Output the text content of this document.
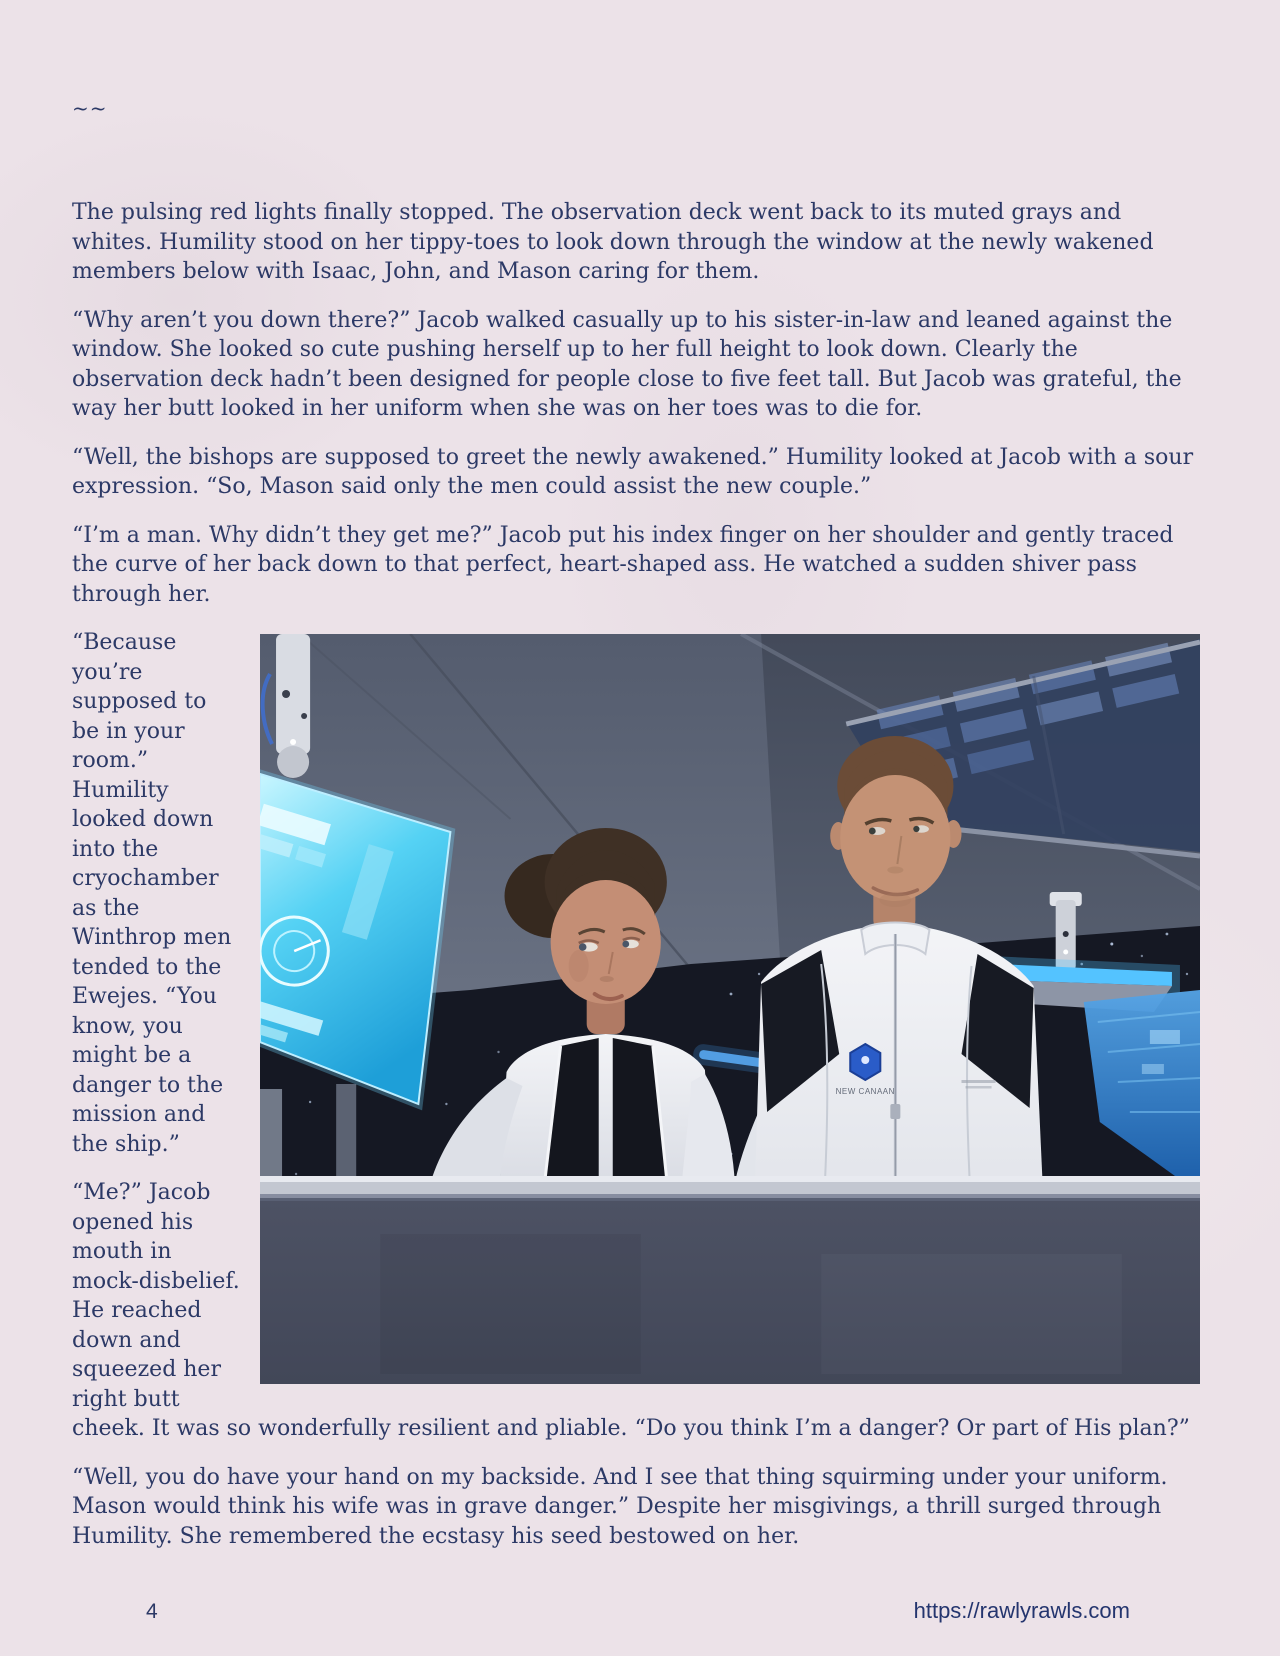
~~

The pulsing red lights finally stopped. The observation deck went back to its muted grays and whites. Humility stood on her tippy-toes to look down through the window at the newly wakened members below with Isaac, John, and Mason caring for them.

“Why aren’t you down there?” Jacob walked casually up to his sister-in-law and leaned against the window. She looked so cute pushing herself up to her full height to look down. Clearly the observation deck hadn’t been designed for people close to five feet tall. But Jacob was grateful, the way her butt looked in her uniform when she was on her toes was to die for.

“Well, the bishops are supposed to greet the newly awakened.” Humility looked at Jacob with a sour expression. “So, Mason said only the men could assist the new couple.”

“I’m a man. Why didn’t they get me?” Jacob put his index finger on her shoulder and gently traced the curve of her back down to that perfect, heart-shaped ass. He watched a sudden shiver pass through her.

NEW CANAAN

“Because you’re supposed to be in your room.” Humility looked down into the cryochamber as the Winthrop men tended to the Ewejes. “You know, you might be a danger to the mission and the ship.”

“Me?” Jacob opened his mouth in mock-disbelief. He reached down and squeezed her right butt cheek. It was so wonderfully resilient and pliable. “Do you think I’m a danger? Or part of His plan?”

“Well, you do have your hand on my backside. And I see that thing squirming under your uniform. Mason would think his wife was in grave danger.” Despite her misgivings, a thrill surged through Humility. She remembered the ecstasy his seed bestowed on her.

4	https://rawlyrawls.com
